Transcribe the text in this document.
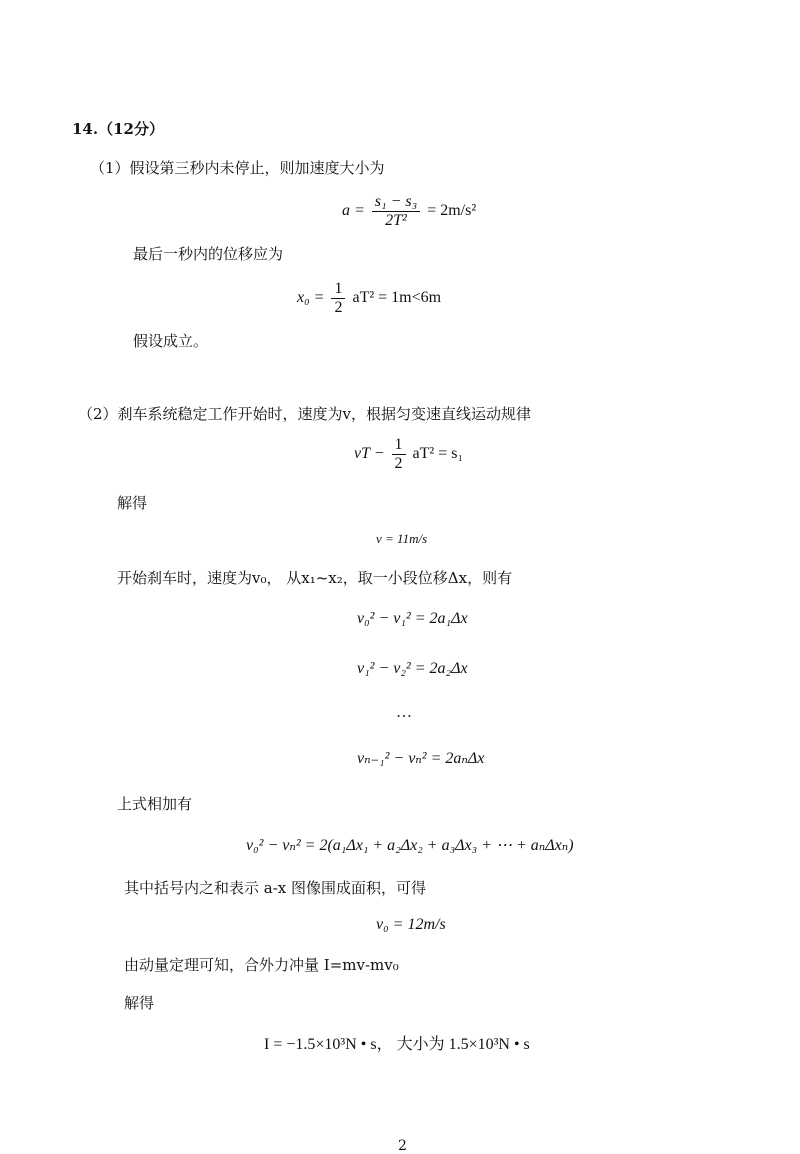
14.（12分）
（1）假设第三秒内未停止，则加速度大小为
$a = \frac{\text{s₁ − s₃}}{\text{2T²}} = 2m/s^2$
最后一秒内的位移应为
$x_0 = \frac{1}{2} aT^2 = 1m<6m$
假设成立。
（2）刹车系统稳定工作开始时，速度为v，根据匀变速直线运动规律
vT − $\frac{1}{2} aT^2 = s_1$
解得
v = 11m/s
开始刹车时，速度为v₀， 从x₁~x₂，取一小段位移Δx，则有
v₀² − v₁² = 2a₁Δx
v₁² − v₂² = 2a₂Δx
…
vₙ₋₁² − vₙ² = 2aₙΔx
上式相加有
v₀² − vₙ² = 2(a₁Δx₁ + a₂Δx₂ + a₃Δx₃ + ⋯ + aₙΔxₙ)
其中括号内之和表示 a-x 图像围成面积，可得
v₀ = 12m/s
由动量定理可知，合外力冲量 I=mv-mv₀
解得
I = −1.5×10³N • s， 大小为 1.5×10³N • s
2
